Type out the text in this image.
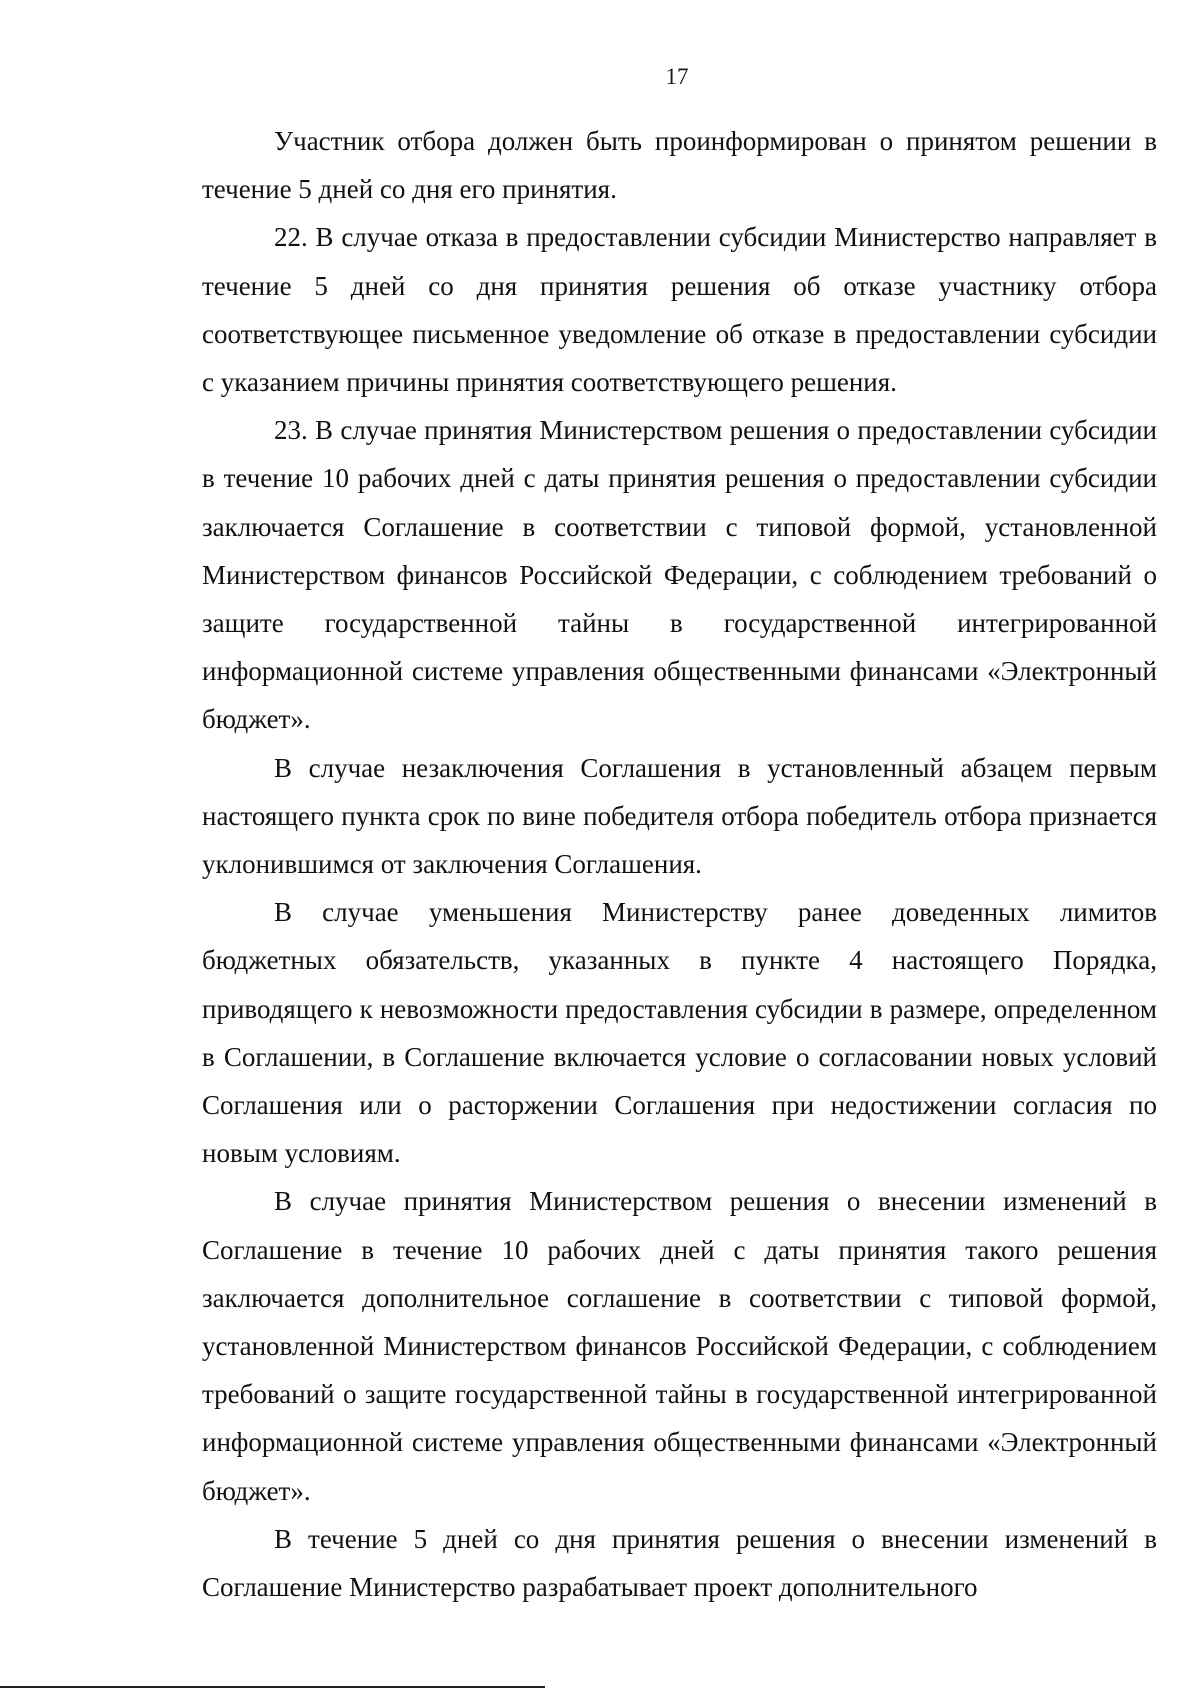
17

Участник отбора должен быть проинформирован о принятом решении в течение 5 дней со дня его принятия.

22. В случае отказа в предоставлении субсидии Министерство направляет в течение 5 дней со дня принятия решения об отказе участнику отбора соответствующее письменное уведомление об отказе в предоставлении субсидии с указанием причины принятия соответствующего решения.

23. В случае принятия Министерством решения о предоставлении субсидии в течение 10 рабочих дней с даты принятия решения о предоставлении субсидии заключается Соглашение в соответствии с типовой формой, установленной Министерством финансов Российской Федерации, с соблюдением требований о защите государственной тайны в государственной интегрированной информационной системе управления общественными финансами «Электронный бюджет».

В случае незаключения Соглашения в установленный абзацем первым настоящего пункта срок по вине победителя отбора победитель отбора признается уклонившимся от заключения Соглашения.

В случае уменьшения Министерству ранее доведенных лимитов бюджетных обязательств, указанных в пункте 4 настоящего Порядка, приводящего к невозможности предоставления субсидии в размере, определенном в Соглашении, в Соглашение включается условие о согласовании новых условий Соглашения или о расторжении Соглашения при недостижении согласия по новым условиям.

В случае принятия Министерством решения о внесении изменений в Соглашение в течение 10 рабочих дней с даты принятия такого решения заключается дополнительное соглашение в соответствии с типовой формой, установленной Министерством финансов Российской Федерации, с соблюдением требований о защите государственной тайны в государственной интегрированной информационной системе управления общественными финансами «Электронный бюджет».

В течение 5 дней со дня принятия решения о внесении изменений в Соглашение Министерство разрабатывает проект дополнительного
